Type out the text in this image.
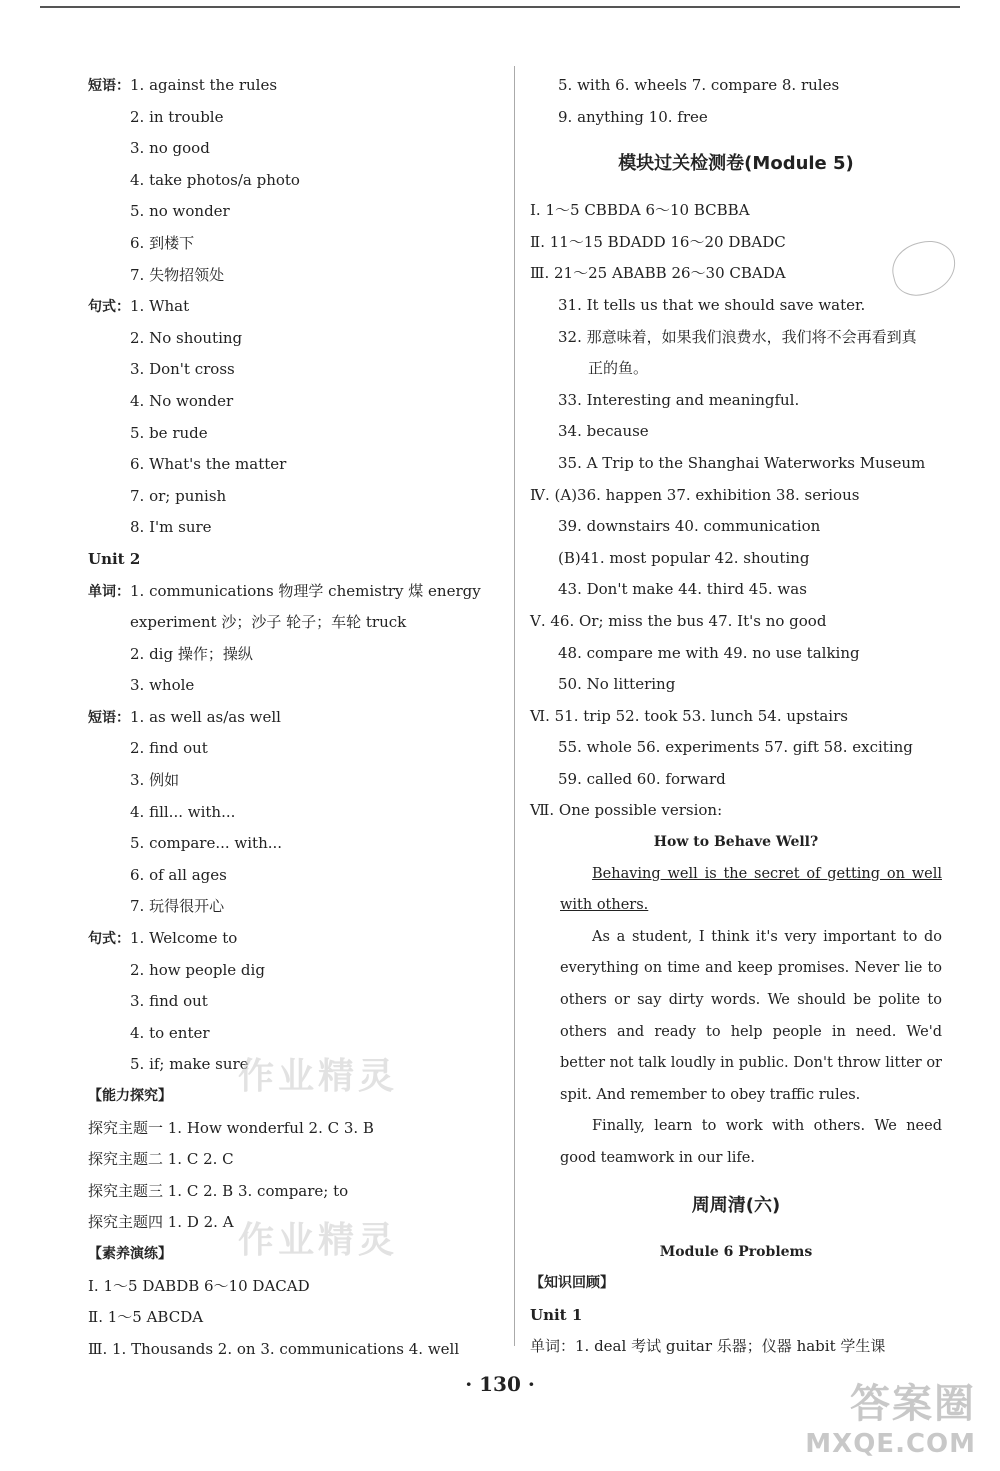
短语：1. against the rules
2. in trouble
3. no good
4. take photos/a photo
5. no wonder
6. 到楼下
7. 失物招领处
句式：1. What
2. No shouting
3. Don't cross
4. No wonder
5. be rude
6. What's the matter
7. or; punish
8. I'm sure
Unit 2
单词：1. communications 物理学 chemistry 煤 energy
experiment 沙；沙子 轮子；车轮 truck
2. dig 操作；操纵
3. whole
短语：1. as well as/as well
2. find out
3. 例如
4. fill... with...
5. compare... with...
6. of all ages
7. 玩得很开心
句式：1. Welcome to
2. how people dig
3. find out
4. to enter
5. if; make sure
【能力探究】
探究主题一 1. How wonderful 2. C 3. B
探究主题二 1. C 2. C
探究主题三 1. C 2. B 3. compare; to
探究主题四 1. D 2. A
【素养演练】
Ⅰ. 1～5 DABDB 6～10 DACAD
Ⅱ. 1～5 ABCDA
Ⅲ. 1. Thousands 2. on 3. communications 4. well
5. with 6. wheels 7. compare 8. rules
9. anything 10. free
模块过关检测卷(Module 5)
Ⅰ. 1～5 CBBDA 6～10 BCBBA
Ⅱ. 11～15 BDADD 16～20 DBADC
Ⅲ. 21～25 ABABB 26～30 CBADA
31. It tells us that we should save water.
32. 那意味着，如果我们浪费水，我们将不会再看到真
正的鱼。
33. Interesting and meaningful.
34. because
35. A Trip to the Shanghai Waterworks Museum
Ⅳ. (A)36. happen 37. exhibition 38. serious
39. downstairs 40. communication
(B)41. most popular 42. shouting
43. Don't make 44. third 45. was
Ⅴ. 46. Or; miss the bus 47. It's no good
48. compare me with 49. no use talking
50. No littering
Ⅵ. 51. trip 52. took 53. lunch 54. upstairs
55. whole 56. experiments 57. gift 58. exciting
59. called 60. forward
Ⅶ. One possible version:
How to Behave Well?

Behaving well is the secret of getting on well with others.

As a student, I think it's very important to do everything on time and keep promises. Never lie to others or say dirty words. We should be polite to others and ready to help people in need. We'd better not talk loudly in public. Don't throw litter or spit. And remember to obey traffic rules.

Finally, learn to work with others. We need good teamwork in our life.

周周清(六)
Module 6 Problems
【知识回顾】
Unit 1
单词：1. deal 考试 guitar 乐器；仪器 habit 学生课
· 130 ·
作业精灵
作业精灵
答案圈
MXQE.COM
